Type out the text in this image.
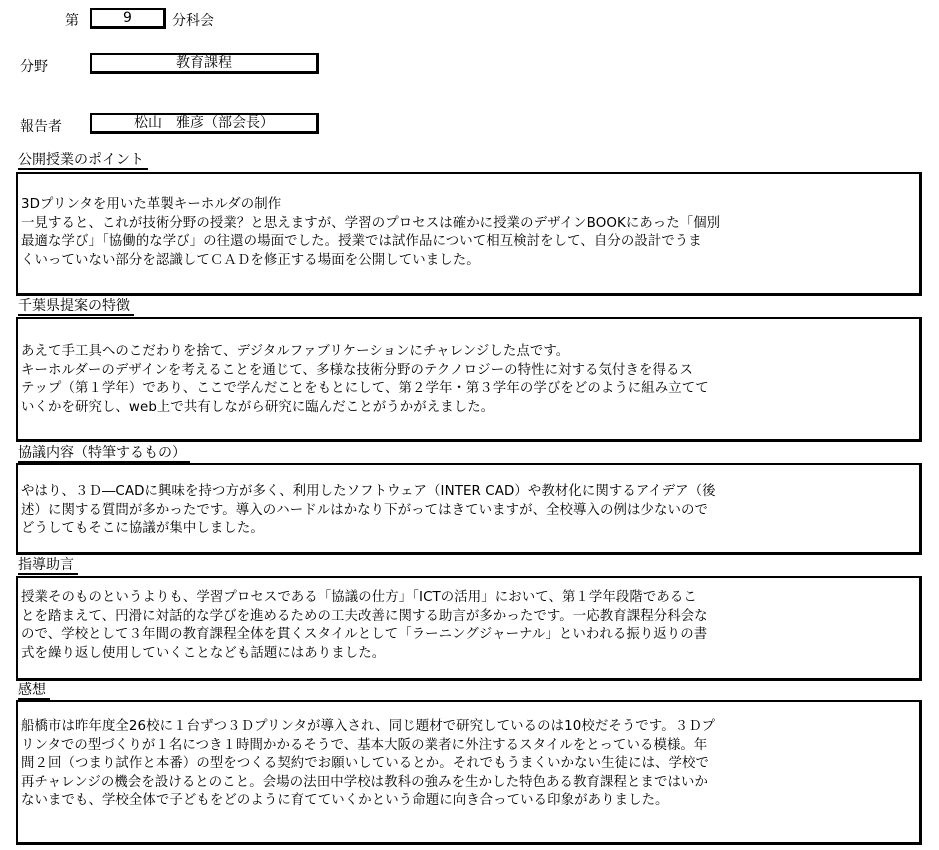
第	9	分科会
分野	教育課程
報告者	松山　雅彦（部会長）
公開授業のポイント

3Dプリンタを用いた革製キーホルダの制作

一見すると、これが技術分野の授業？と思えますが、学習のプロセスは確かに授業のデザインBOOKにあった「個別

最適な学び」「協働的な学び」の往還の場面でした。授業では試作品について相互検討をして、自分の設計でうま

くいっていない部分を認識してＣＡＤを修正する場面を公開していました。

千葉県提案の特徴

あえて手工具へのこだわりを捨て、デジタルファブリケーションにチャレンジした点です。

キーホルダーのデザインを考えることを通じて、多様な技術分野のテクノロジーの特性に対する気付きを得るス

テップ（第１学年）であり、ここで学んだことをもとにして、第２学年・第３学年の学びをどのように組み立てて

いくかを研究し、web上で共有しながら研究に臨んだことがうかがえました。

協議内容（特筆するもの）

やはり、３Ｄ―CADに興味を持つ方が多く、利用したソフトウェア（INTER CAD）や教材化に関するアイデア（後

述）に関する質問が多かったです。導入のハードルはかなり下がってはきていますが、全校導入の例は少ないので

どうしてもそこに協議が集中しました。

指導助言

授業そのものというよりも、学習プロセスである「協議の仕方」「ICTの活用」において、第１学年段階であるこ

とを踏まえて、円滑に対話的な学びを進めるための工夫改善に関する助言が多かったです。一応教育課程分科会な

ので、学校として３年間の教育課程全体を貫くスタイルとして「ラーニングジャーナル」といわれる振り返りの書

式を繰り返し使用していくことなども話題にはありました。

感想

船橋市は昨年度全26校に１台ずつ３Ｄプリンタが導入され、同じ題材で研究しているのは10校だそうです。３Ｄプ

リンタでの型づくりが１名につき１時間かかるそうで、基本大阪の業者に外注するスタイルをとっている模様。年

間２回（つまり試作と本番）の型をつくる契約でお願いしているとか。それでもうまくいかない生徒には、学校で

再チャレンジの機会を設けるとのこと。会場の法田中学校は教科の強みを生かした特色ある教育課程とまではいか

ないまでも、学校全体で子どもをどのように育てていくかという命題に向き合っている印象がありました。
